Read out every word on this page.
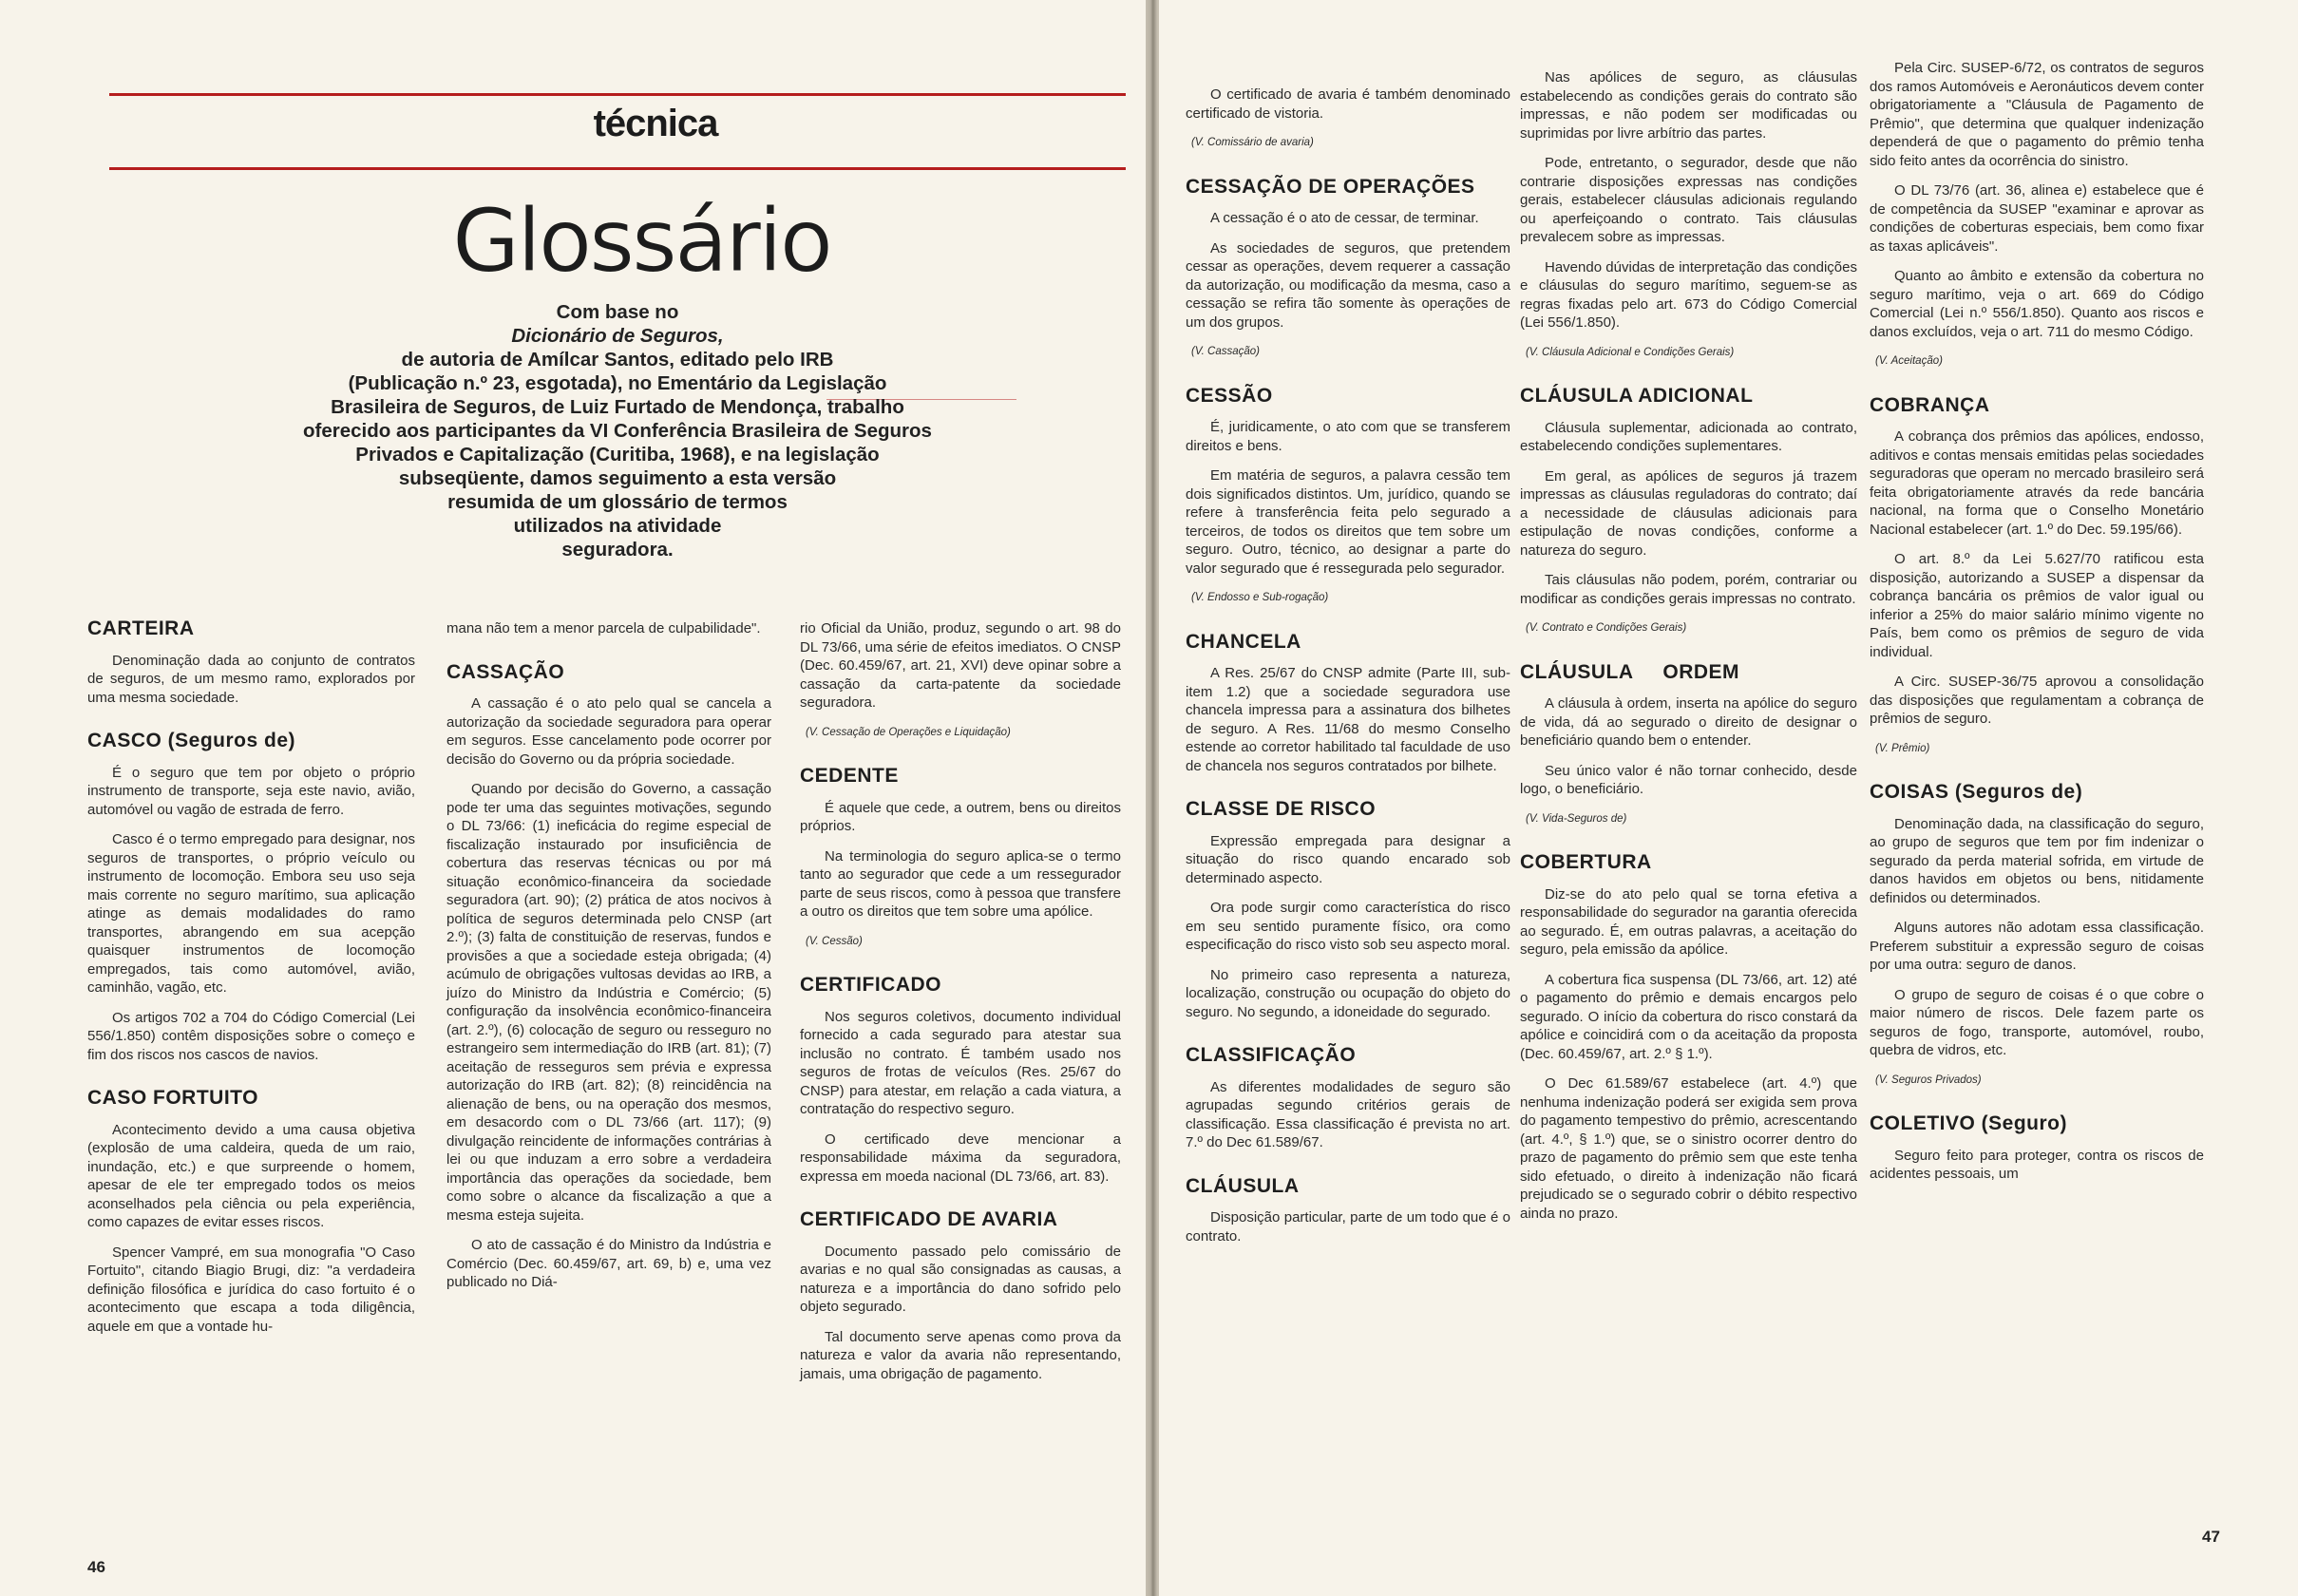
técnica
Glossário
Com base no
Dicionário de Seguros,
de autoria de Amílcar Santos, editado pelo IRB
(Publicação n.º 23, esgotada), no Ementário da Legislação
Brasileira de Seguros, de Luiz Furtado de Mendonça, trabalho
oferecido aos participantes da VI Conferência Brasileira de Seguros
Privados e Capitalização (Curitiba, 1968), e na legislação
subseqüente, damos seguimento a esta versão
resumida de um glossário de termos
utilizados na atividade
seguradora.
CARTEIRA

Denominação dada ao conjunto de contratos de seguros, de um mesmo ramo, explorados por uma mesma sociedade.

CASCO (Seguros de)

É o seguro que tem por objeto o próprio instrumento de transporte, seja este navio, avião, automóvel ou vagão de estrada de ferro.

Casco é o termo empregado para designar, nos seguros de transportes, o próprio veículo ou instrumento de locomoção. Embora seu uso seja mais corrente no seguro marítimo, sua aplicação atinge as demais modalidades do ramo transportes, abrangendo em sua acepção quaisquer instrumentos de locomoção empregados, tais como automóvel, avião, caminhão, vagão, etc.

Os artigos 702 a 704 do Código Comercial (Lei 556/1.850) contêm disposições sobre o começo e fim dos riscos nos cascos de navios.

CASO FORTUITO

Acontecimento devido a uma causa objetiva (explosão de uma caldeira, queda de um raio, inundação, etc.) e que surpreende o homem, apesar de ele ter empregado todos os meios aconselhados pela ciência ou pela experiência, como capazes de evitar esses riscos.

Spencer Vampré, em sua monografia "O Caso Fortuito", citando Biagio Brugi, diz: "a verdadeira definição filosófica e jurídica do caso fortuito é o acontecimento que escapa a toda diligência, aquele em que a vontade hu-

mana não tem a menor parcela de culpabilidade".

CASSAÇÃO

A cassação é o ato pelo qual se cancela a autorização da sociedade seguradora para operar em seguros. Esse cancelamento pode ocorrer por decisão do Governo ou da própria sociedade.

Quando por decisão do Governo, a cassação pode ter uma das seguintes motivações, segundo o DL 73/66: (1) ineficácia do regime especial de fiscalização instaurado por insuficiência de cobertura das reservas técnicas ou por má situação econômico-financeira da sociedade seguradora (art. 90); (2) prática de atos nocivos à política de seguros determinada pelo CNSP (art 2.º); (3) falta de constituição de reservas, fundos e provisões a que a sociedade esteja obrigada; (4) acúmulo de obrigações vultosas devidas ao IRB, a juízo do Ministro da Indústria e Comércio; (5) configuração da insolvência econômico-financeira (art. 2.º), (6) colocação de seguro ou resseguro no estrangeiro sem intermediação do IRB (art. 81); (7) aceitação de resseguros sem prévia e expressa autorização do IRB (art. 82); (8) reincidência na alienação de bens, ou na operação dos mesmos, em desacordo com o DL 73/66 (art. 117); (9) divulgação reincidente de informações contrárias à lei ou que induzam a erro sobre a verdadeira importância das operações da sociedade, bem como sobre o alcance da fiscalização a que a mesma esteja sujeita.

O ato de cassação é do Ministro da Indústria e Comércio (Dec. 60.459/67, art. 69, b) e, uma vez publicado no Diá-

rio Oficial da União, produz, segundo o art. 98 do DL 73/66, uma série de efeitos imediatos. O CNSP (Dec. 60.459/67, art. 21, XVI) deve opinar sobre a cassação da carta-patente da sociedade seguradora.

(V. Cessação de Operações e Liquidação)

CEDENTE

É aquele que cede, a outrem, bens ou direitos próprios.

Na terminologia do seguro aplica-se o termo tanto ao segurador que cede a um ressegurador parte de seus riscos, como à pessoa que transfere a outro os direitos que tem sobre uma apólice.

(V. Cessão)

CERTIFICADO

Nos seguros coletivos, documento individual fornecido a cada segurado para atestar sua inclusão no contrato. É também usado nos seguros de frotas de veículos (Res. 25/67 do CNSP) para atestar, em relação a cada viatura, a contratação do respectivo seguro.

O certificado deve mencionar a responsabilidade máxima da seguradora, expressa em moeda nacional (DL 73/66, art. 83).

CERTIFICADO DE AVARIA

Documento passado pelo comissário de avarias e no qual são consignadas as causas, a natureza e a importância do dano sofrido pelo objeto segurado.

Tal documento serve apenas como prova da natureza e valor da avaria não representando, jamais, uma obrigação de pagamento.

46

O certificado de avaria é também denominado certificado de vistoria.

(V. Comissário de avaria)

CESSAÇÃO DE OPERAÇÕES

A cessação é o ato de cessar, de terminar.

As sociedades de seguros, que pretendem cessar as operações, devem requerer a cassação da autorização, ou modificação da mesma, caso a cessação se refira tão somente às operações de um dos grupos.

(V. Cassação)

CESSÃO

É, juridicamente, o ato com que se transferem direitos e bens.

Em matéria de seguros, a palavra cessão tem dois significados distintos. Um, jurídico, quando se refere à transferência feita pelo segurado a terceiros, de todos os direitos que tem sobre um seguro. Outro, técnico, ao designar a parte do valor segurado que é ressegurada pelo segurador.

(V. Endosso e Sub-rogação)

CHANCELA

A Res. 25/67 do CNSP admite (Parte III, sub-item 1.2) que a sociedade seguradora use chancela impressa para a assinatura dos bilhetes de seguro. A Res. 11/68 do mesmo Conselho estende ao corretor habilitado tal faculdade de uso de chancela nos seguros contratados por bilhete.

CLASSE DE RISCO

Expressão empregada para designar a situação do risco quando encarado sob determinado aspecto.

Ora pode surgir como característica do risco em seu sentido puramente físico, ora como especificação do risco visto sob seu aspecto moral.

No primeiro caso representa a natureza, localização, construção ou ocupação do objeto do seguro. No segundo, a idoneidade do segurado.

CLASSIFICAÇÃO

As diferentes modalidades de seguro são agrupadas segundo critérios gerais de classificação. Essa classificação é prevista no art. 7.º do Dec 61.589/67.

CLÁUSULA

Disposição particular, parte de um todo que é o contrato.

Nas apólices de seguro, as cláusulas estabelecendo as condições gerais do contrato são impressas, e não podem ser modificadas ou suprimidas por livre arbítrio das partes.

Pode, entretanto, o segurador, desde que não contrarie disposições expressas nas condições gerais, estabelecer cláusulas adicionais regulando ou aperfeiçoando o contrato. Tais cláusulas prevalecem sobre as impressas.

Havendo dúvidas de interpretação das condições e cláusulas do seguro marítimo, seguem-se as regras fixadas pelo art. 673 do Código Comercial (Lei 556/1.850).

(V. Cláusula Adicional e Condições Gerais)

CLÁUSULA ADICIONAL

Cláusula suplementar, adicionada ao contrato, estabelecendo condições suplementares.

Em geral, as apólices de seguros já trazem impressas as cláusulas reguladoras do contrato; daí a necessidade de cláusulas adicionais para estipulação de novas condições, conforme a natureza do seguro.

Tais cláusulas não podem, porém, contrariar ou modificar as condições gerais impressas no contrato.

(V. Contrato e Condições Gerais)

CLÁUSULA     ORDEM

A cláusula à ordem, inserta na apólice do seguro de vida, dá ao segurado o direito de designar o beneficiário quando bem o entender.

Seu único valor é não tornar conhecido, desde logo, o beneficiário.

(V. Vida-Seguros de)

COBERTURA

Diz-se do ato pelo qual se torna efetiva a responsabilidade do segurador na garantia oferecida ao segurado. É, em outras palavras, a aceitação do seguro, pela emissão da apólice.

A cobertura fica suspensa (DL 73/66, art. 12) até o pagamento do prêmio e demais encargos pelo segurado. O início da cobertura do risco constará da apólice e coincidirá com o da aceitação da proposta (Dec. 60.459/67, art. 2.º § 1.º).

O Dec 61.589/67 estabelece (art. 4.º) que nenhuma indenização poderá ser exigida sem prova do pagamento tempestivo do prêmio, acrescentando (art. 4.º, § 1.º) que, se o sinistro ocorrer dentro do prazo de pagamento do prêmio sem que este tenha sido efetuado, o direito à indenização não ficará prejudicado se o segurado cobrir o débito respectivo ainda no prazo.

Pela Circ. SUSEP-6/72, os contratos de seguros dos ramos Automóveis e Aeronáuticos devem conter obrigatoriamente a "Cláusula de Pagamento de Prêmio", que determina que qualquer indenização dependerá de que o pagamento do prêmio tenha sido feito antes da ocorrência do sinistro.

O DL 73/76 (art. 36, alinea e) estabelece que é de competência da SUSEP "examinar e aprovar as condições de coberturas especiais, bem como fixar as taxas aplicáveis".

Quanto ao âmbito e extensão da cobertura no seguro marítimo, veja o art. 669 do Código Comercial (Lei n.º 556/1.850). Quanto aos riscos e danos excluídos, veja o art. 711 do mesmo Código.

(V. Aceitação)

COBRANÇA

A cobrança dos prêmios das apólices, endosso, aditivos e contas mensais emitidas pelas sociedades seguradoras que operam no mercado brasileiro será feita obrigatoriamente através da rede bancária nacional, na forma que o Conselho Monetário Nacional estabelecer (art. 1.º do Dec. 59.195/66).

O art. 8.º da Lei 5.627/70 ratificou esta disposição, autorizando a SUSEP a dispensar da cobrança bancária os prêmios de valor igual ou inferior a 25% do maior salário mínimo vigente no País, bem como os prêmios de seguro de vida individual.

A Circ. SUSEP-36/75 aprovou a consolidação das disposições que regulamentam a cobrança de prêmios de seguro.

(V. Prêmio)

COISAS (Seguros de)

Denominação dada, na classificação do seguro, ao grupo de seguros que tem por fim indenizar o segurado da perda material sofrida, em virtude de danos havidos em objetos ou bens, nitidamente definidos ou determinados.

Alguns autores não adotam essa classificação. Preferem substituir a expressão seguro de coisas por uma outra: seguro de danos.

O grupo de seguro de coisas é o que cobre o maior número de riscos. Dele fazem parte os seguros de fogo, transporte, automóvel, roubo, quebra de vidros, etc.

(V. Seguros Privados)

COLETIVO (Seguro)

Seguro feito para proteger, contra os riscos de acidentes pessoais, um

47
